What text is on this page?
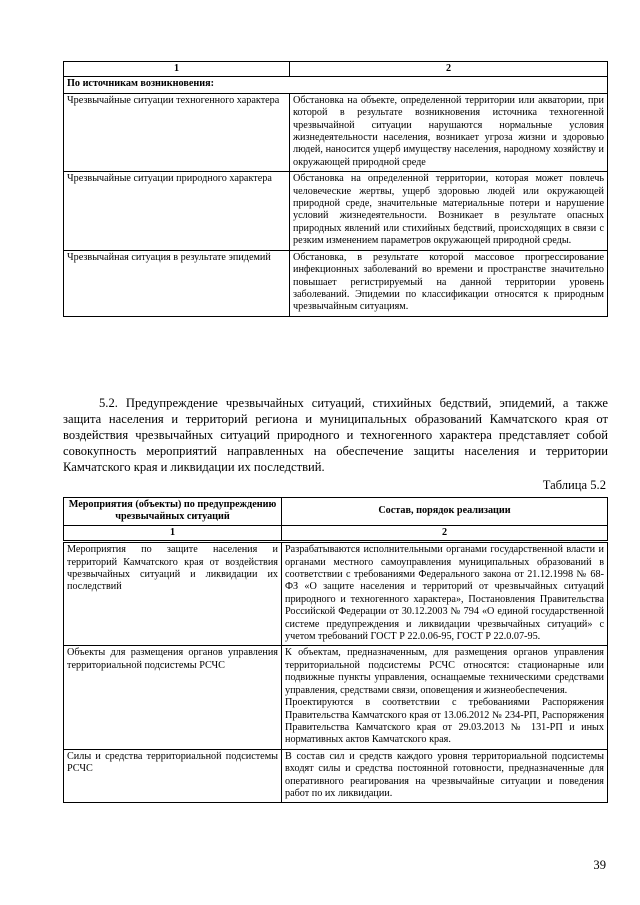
1	2
По источникам возникновения:	
Чрезвычайные ситуации техногенного характера	Обстановка на объекте, определенной территории или акватории, при которой в результате возникновения источника техногенной чрезвычайной ситуации нарушаются нормальные условия жизнедеятельности населения, возникает угроза жизни и здоровью людей, наносится ущерб имуществу населения, народному хозяйству и окружающей природной среде
Чрезвычайные ситуации природного характера	Обстановка на определенной территории, которая может повлечь человеческие жертвы, ущерб здоровью людей или окружающей природной среде, значительные материальные потери и нарушение условий жизнедеятельности. Возникает в результате опасных природных явлений или стихийных бедствий, происходящих в связи с резким изменением параметров окружающей природной среды.
Чрезвычайная ситуация в результате эпидемий	Обстановка, в результате которой массовое прогрессирование инфекционных заболеваний во времени и пространстве значительно повышает регистрируемый на данной территории уровень заболеваний. Эпидемии по классификации относятся к природным чрезвычайным ситуациям.
5.2. Предупреждение чрезвычайных ситуаций, стихийных бедствий, эпидемий, а также защита населения и территорий региона и муниципальных образований Камчатского края от воздействия чрезвычайных ситуаций природного и техногенного характера представляет собой совокупность мероприятий направленных на обеспечение защиты населения и территории Камчатского края и ликвидации их последствий.
Таблица 5.2
Мероприятия (объекты) по предупреждению чрезвычайных ситуаций	Состав, порядок реализации
1	2
Мероприятия по защите населения и территорий Камчатского края от воздействия чрезвычайных ситуаций и ликвидации их последствий	Разрабатываются исполнительными органами государственной власти и органами местного самоуправления муниципальных образований в соответствии с требованиями Федерального закона от 21.12.1998 № 68-ФЗ «О защите населения и территорий от чрезвычайных ситуаций природного и техногенного характера», Постановления Правительства Российской Федерации от 30.12.2003 № 794 «О единой государственной системе предупреждения и ликвидации чрезвычайных ситуаций» с учетом требований ГОСТ Р 22.0.06-95, ГОСТ Р 22.0.07-95.

Объекты для размещения органов управления территориальной подсистемы РСЧС	К объектам, предназначенным, для размещения органов управления территориальной подсистемы РСЧС относятся: стационарные или подвижные пункты управления, оснащаемые техническими средствами управления, средствами связи, оповещения и жизнеобеспечения.
Проектируются в соответствии с требованиями Распоряжения Правительства Камчатского края от 13.06.2012 № 234-РП, Распоряжения Правительства Камчатского края от 29.03.2013 № 131-РП и иных нормативных актов Камчатского края.

Силы и средства территориальной подсистемы РСЧС	В состав сил и средств каждого уровня территориальной подсистемы входят силы и средства постоянной готовности, предназначенные для оперативного реагирования на чрезвычайные ситуации и поведения работ по их ликвидации.
39
